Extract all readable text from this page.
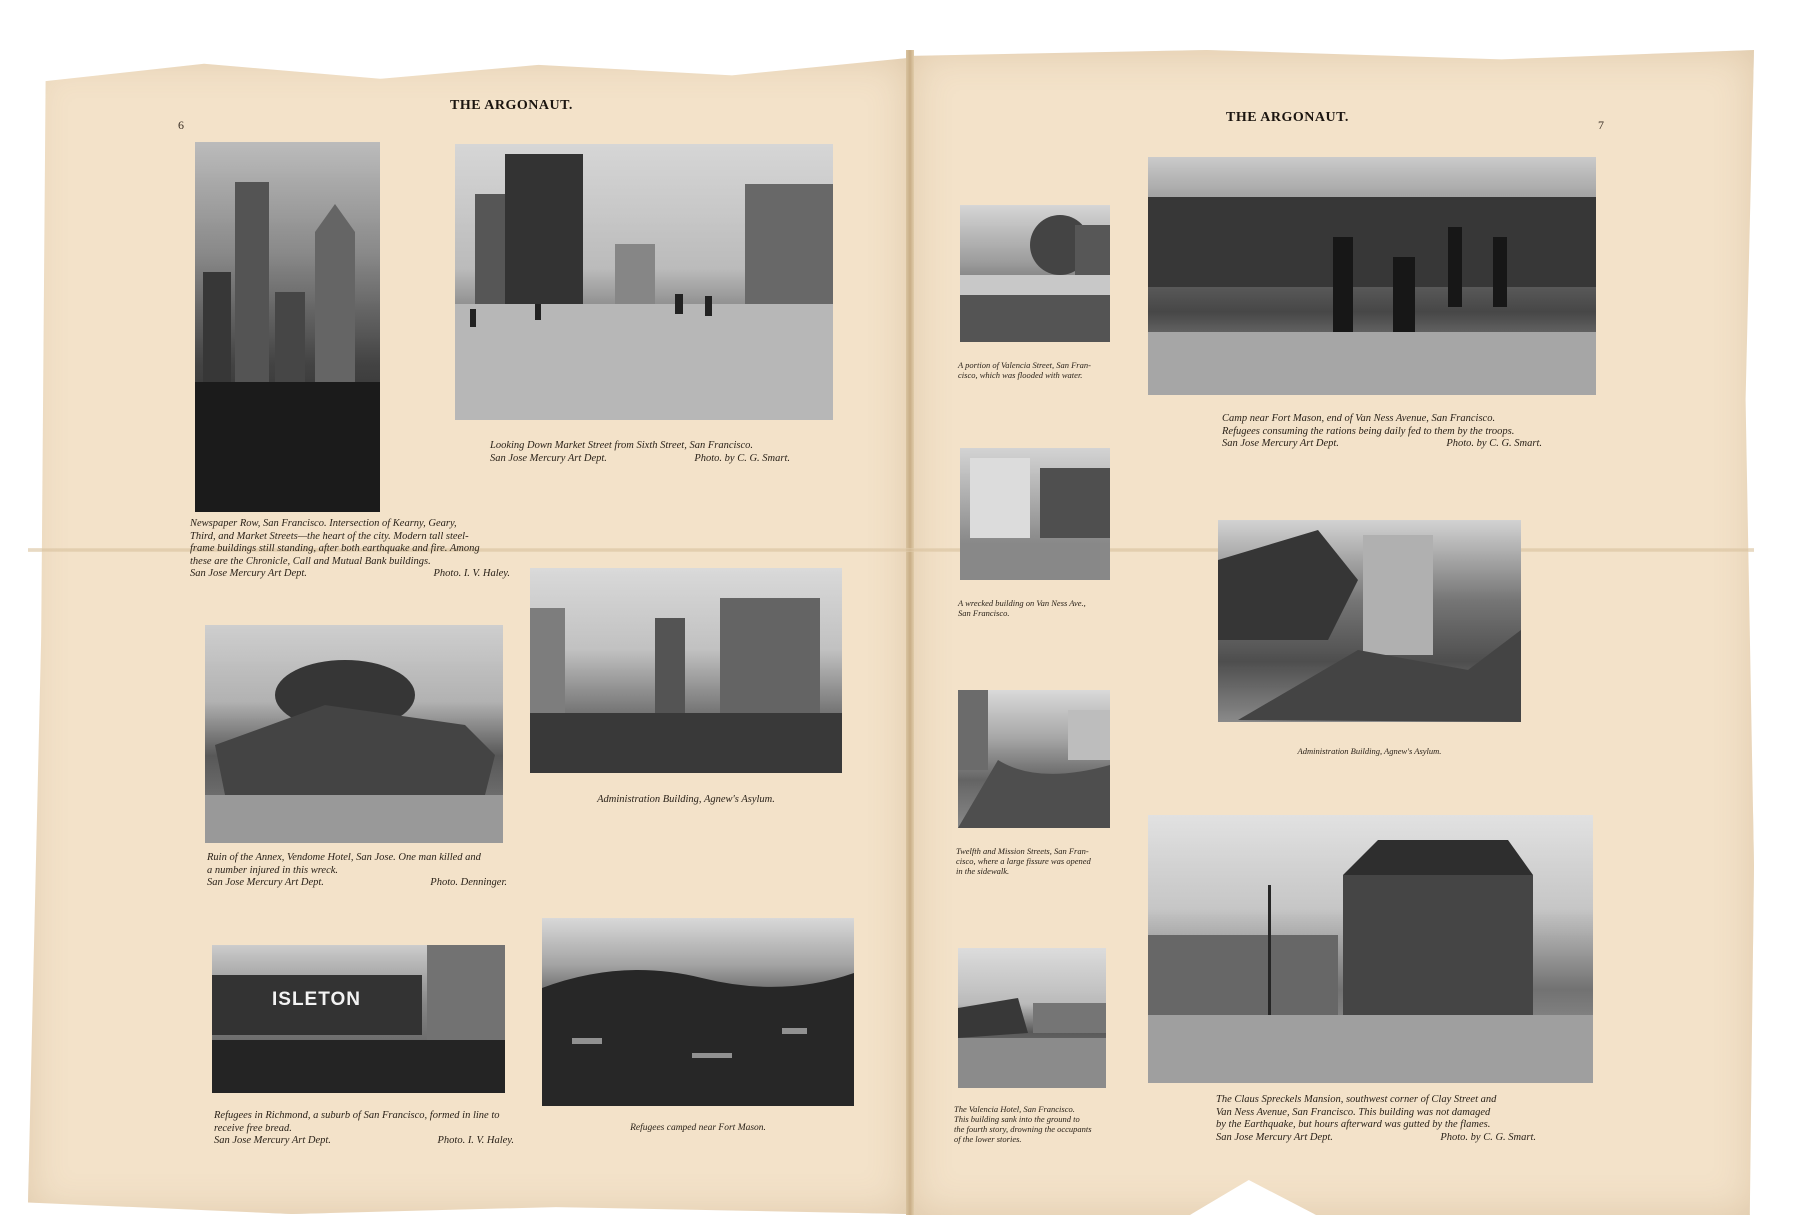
6
THE ARGONAUT.
Newspaper Row, San Francisco. Intersection of Kearny, Geary,
Third, and Market Streets—the heart of the city. Modern tall steel-
frame buildings still standing, after both earthquake and fire. Among
these are the Chronicle, Call and Mutual Bank buildings.
San Jose Mercury Art Dept.	Photo. I. V. Haley.
Looking Down Market Street from Sixth Street, San Francisco.
San Jose Mercury Art Dept.	Photo. by C. G. Smart.
Ruin of the Annex, Vendome Hotel, San Jose. One man killed and
a number injured in this wreck.
San Jose Mercury Art Dept.	Photo. Denninger.
Administration Building, Agnew's Asylum.
ISLETON
Refugees in Richmond, a suburb of San Francisco, formed in line to
receive free bread.
San Jose Mercury Art Dept.	Photo. I. V. Haley.
Refugees camped near Fort Mason.
THE ARGONAUT.	7
A portion of Valencia Street, San Fran-
cisco, which was flooded with water.
Camp near Fort Mason, end of Van Ness Avenue, San Francisco.
Refugees consuming the rations being daily fed to them by the troops.
San Jose Mercury Art Dept.	Photo. by C. G. Smart.
A wrecked building on Van Ness Ave.,
San Francisco.
Administration Building, Agnew's Asylum.
Twelfth and Mission Streets, San Fran-
cisco, where a large fissure was opened
in the sidewalk.
The Valencia Hotel, San Francisco.
This building sank into the ground to
the fourth story, drowning the occupants
of the lower stories.
The Claus Spreckels Mansion, southwest corner of Clay Street and
Van Ness Avenue, San Francisco. This building was not damaged
by the Earthquake, but hours afterward was gutted by the flames.
San Jose Mercury Art Dept.	Photo. by C. G. Smart.
